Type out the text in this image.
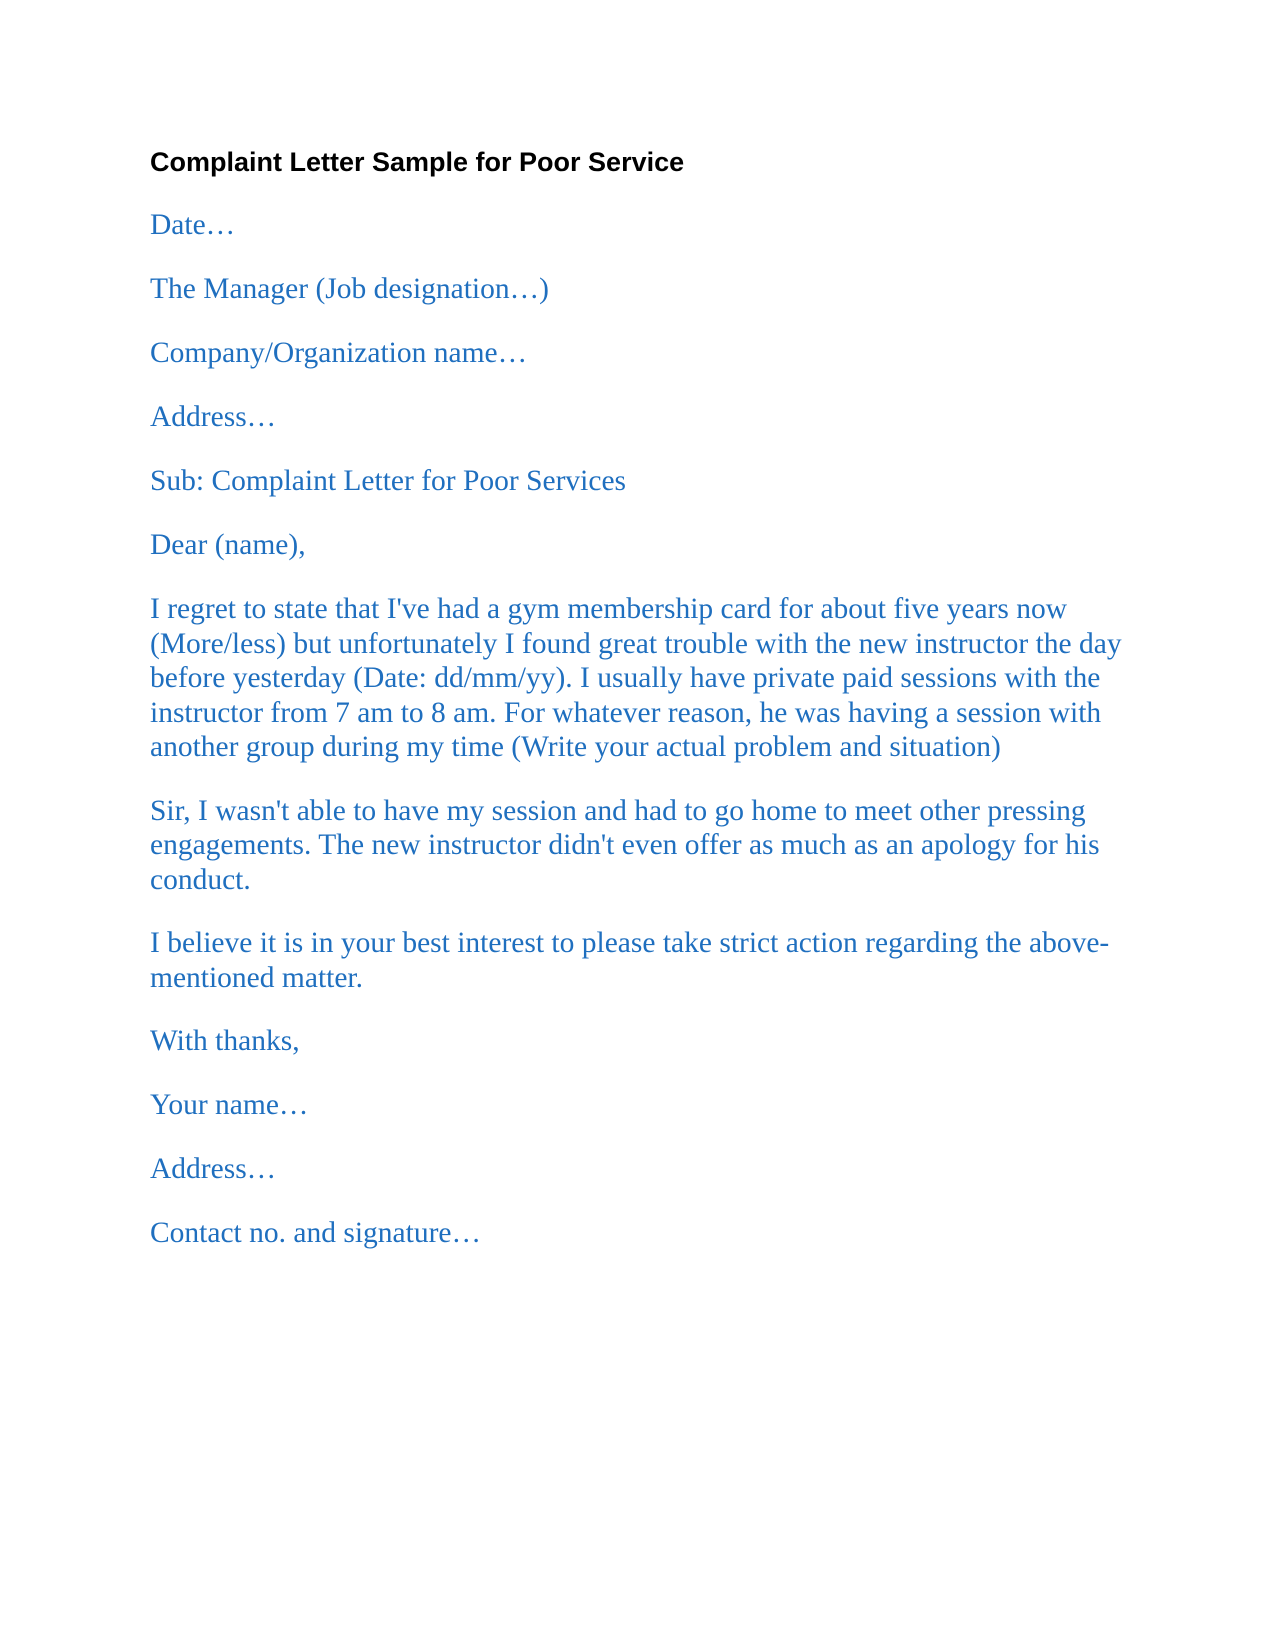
Complaint Letter Sample for Poor Service

Date…

The Manager (Job designation…)

Company/Organization name…

Address…

Sub: Complaint Letter for Poor Services

Dear (name),

I regret to state that I've had a gym membership card for about five years now (More/less) but unfortunately I found great trouble with the new instructor the day before yesterday (Date: dd/mm/yy). I usually have private paid sessions with the instructor from 7 am to 8 am. For whatever reason, he was having a session with another group during my time (Write your actual problem and situation)

Sir, I wasn't able to have my session and had to go home to meet other pressing engagements. The new instructor didn't even offer as much as an apology for his conduct.

I believe it is in your best interest to please take strict action regarding the above-mentioned matter.

With thanks,

Your name…

Address…

Contact no. and signature…
